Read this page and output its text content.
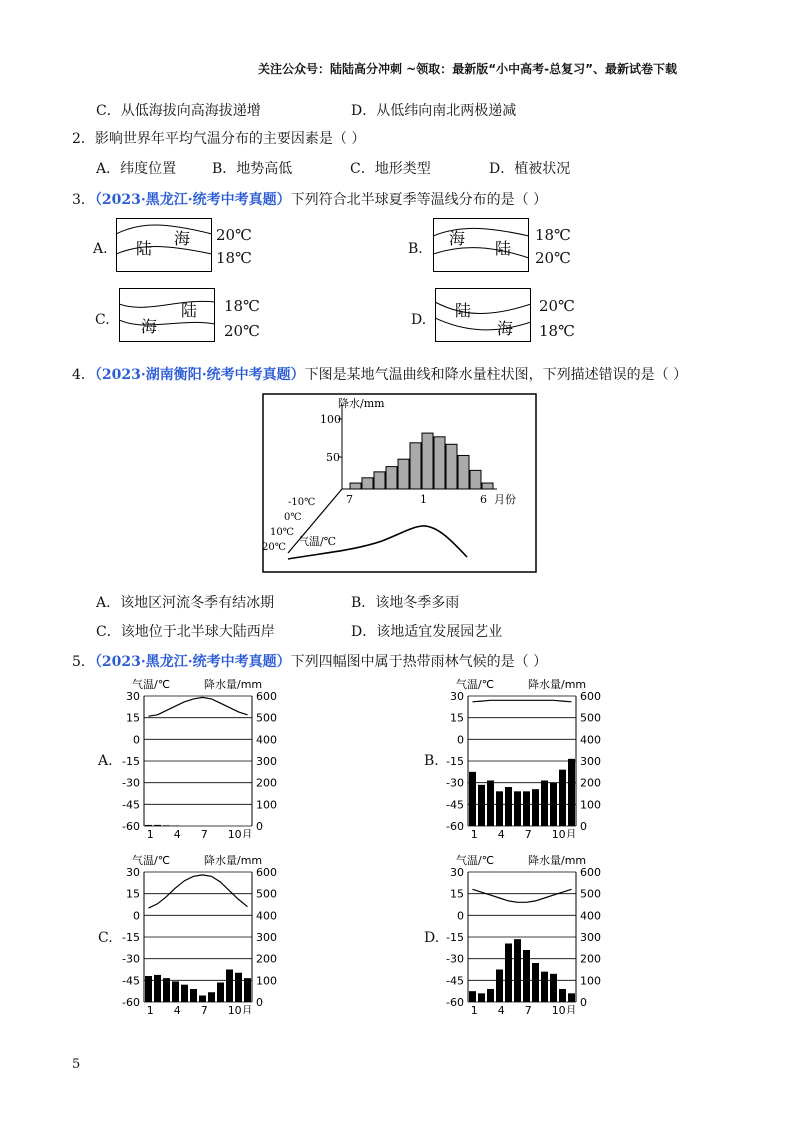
关注公众号：陆陆高分冲刺 ~领取：最新版“小中高考-总复习”、最新试卷下载
C．从低海拔向高海拔递增	D．从低纬向南北两极递减
2．影响世界年平均气温分布的主要因素是（ ）
A．纬度位置	B．地势高低	C．地形类型	D．植被状况
3．（2023·黑龙江·统考中考真题）下列符合北半球夏季等温线分布的是（ ）
A. 陆
海 20℃
18℃	B.
海
陆
18℃
20℃
C. 海
陆 18℃
20℃
D. 陆
海
20℃
18℃
4．（2023·湖南衡阳·统考中考真题）下图是某地气温曲线和降水量柱状图，下列描述错误的是（ ）
降水/mm
100
50
7	1	6 月份
-10℃
0℃
10℃
20℃ 气温/℃
A．该地区河流冬季有结冰期	B．该地冬季多雨
C．该地位于北半球大陆西岸	D．该地适宜发展园艺业
5．（2023·黑龙江·统考中考真题）下列四幅图中属于热带雨林气候的是（ ）
A.
气温/℃	降水量/mm
30	600
15	500
0	400
-15	300
-30	200
-45	100
-60	0
1 4 7 10月
B.
气温/℃	降水量/mm
30	600
15	500
0	400
-15	300
-30	200
-45	100
-60	0
1 4 7 10月
C.
气温/℃	降水量/mm
30	600
15	500
0	400
-15	300
-30	200
-45	100
-60	0
1 4 7 10月
D.
气温/℃	降水量/mm
30	600
15	500
0	400
-15	300
-30	200
-45	100
-60	0
1 4 7 10月
5
